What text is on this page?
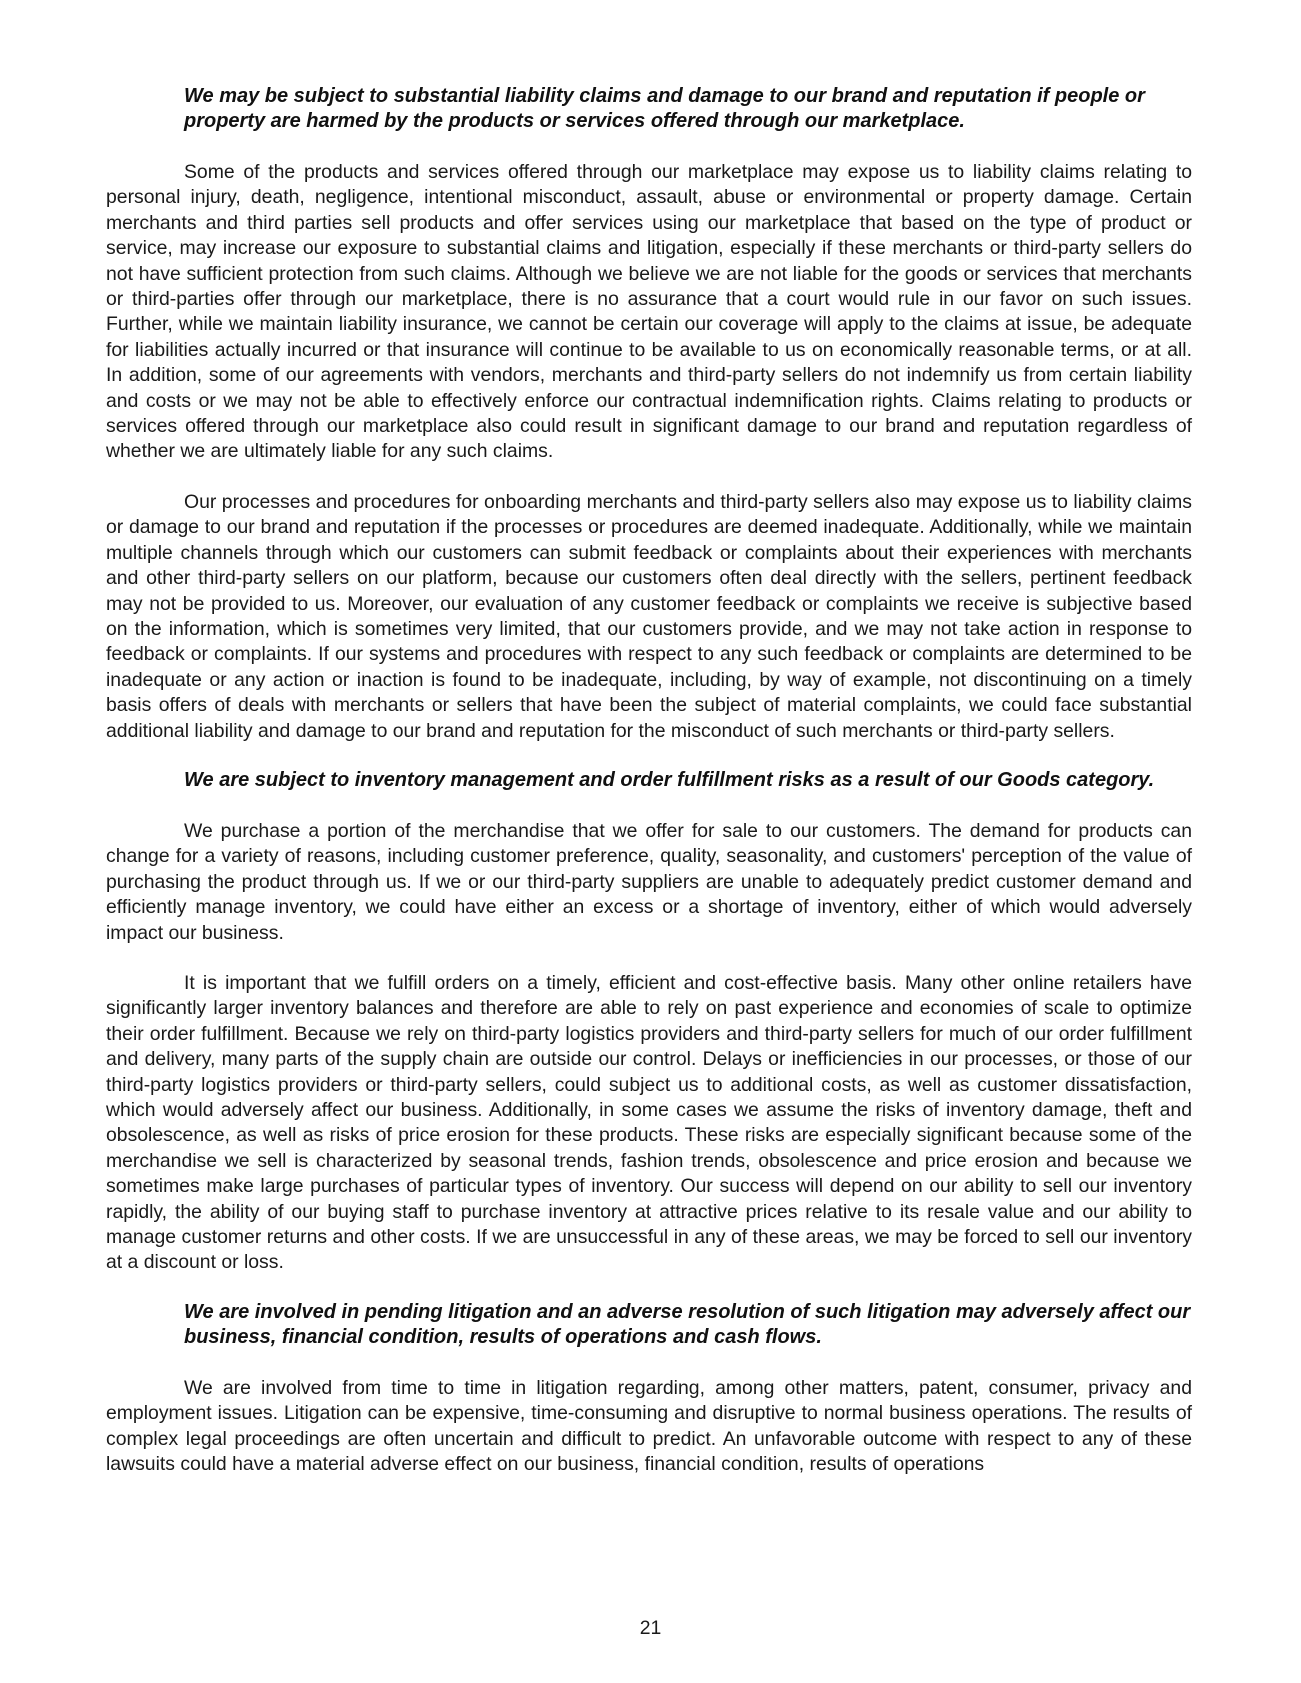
We may be subject to substantial liability claims and damage to our brand and reputation if people or property are harmed by the products or services offered through our marketplace.

Some of the products and services offered through our marketplace may expose us to liability claims relating to personal injury, death, negligence, intentional misconduct, assault, abuse or environmental or property damage. Certain merchants and third parties sell products and offer services using our marketplace that based on the type of product or service, may increase our exposure to substantial claims and litigation, especially if these merchants or third-party sellers do not have sufficient protection from such claims. Although we believe we are not liable for the goods or services that merchants or third-parties offer through our marketplace, there is no assurance that a court would rule in our favor on such issues. Further, while we maintain liability insurance, we cannot be certain our coverage will apply to the claims at issue, be adequate for liabilities actually incurred or that insurance will continue to be available to us on economically reasonable terms, or at all. In addition, some of our agreements with vendors, merchants and third-party sellers do not indemnify us from certain liability and costs or we may not be able to effectively enforce our contractual indemnification rights. Claims relating to products or services offered through our marketplace also could result in significant damage to our brand and reputation regardless of whether we are ultimately liable for any such claims.

Our processes and procedures for onboarding merchants and third-party sellers also may expose us to liability claims or damage to our brand and reputation if the processes or procedures are deemed inadequate. Additionally, while we maintain multiple channels through which our customers can submit feedback or complaints about their experiences with merchants and other third-party sellers on our platform, because our customers often deal directly with the sellers, pertinent feedback may not be provided to us. Moreover, our evaluation of any customer feedback or complaints we receive is subjective based on the information, which is sometimes very limited, that our customers provide, and we may not take action in response to feedback or complaints. If our systems and procedures with respect to any such feedback or complaints are determined to be inadequate or any action or inaction is found to be inadequate, including, by way of example, not discontinuing on a timely basis offers of deals with merchants or sellers that have been the subject of material complaints, we could face substantial additional liability and damage to our brand and reputation for the misconduct of such merchants or third-party sellers.

We are subject to inventory management and order fulfillment risks as a result of our Goods category.

We purchase a portion of the merchandise that we offer for sale to our customers. The demand for products can change for a variety of reasons, including customer preference, quality, seasonality, and customers' perception of the value of purchasing the product through us. If we or our third-party suppliers are unable to adequately predict customer demand and efficiently manage inventory, we could have either an excess or a shortage of inventory, either of which would adversely impact our business.

It is important that we fulfill orders on a timely, efficient and cost-effective basis. Many other online retailers have significantly larger inventory balances and therefore are able to rely on past experience and economies of scale to optimize their order fulfillment. Because we rely on third-party logistics providers and third-party sellers for much of our order fulfillment and delivery, many parts of the supply chain are outside our control. Delays or inefficiencies in our processes, or those of our third-party logistics providers or third-party sellers, could subject us to additional costs, as well as customer dissatisfaction, which would adversely affect our business. Additionally, in some cases we assume the risks of inventory damage, theft and obsolescence, as well as risks of price erosion for these products. These risks are especially significant because some of the merchandise we sell is characterized by seasonal trends, fashion trends, obsolescence and price erosion and because we sometimes make large purchases of particular types of inventory. Our success will depend on our ability to sell our inventory rapidly, the ability of our buying staff to purchase inventory at attractive prices relative to its resale value and our ability to manage customer returns and other costs. If we are unsuccessful in any of these areas, we may be forced to sell our inventory at a discount or loss.

We are involved in pending litigation and an adverse resolution of such litigation may adversely affect our business, financial condition, results of operations and cash flows.

We are involved from time to time in litigation regarding, among other matters, patent, consumer, privacy and employment issues. Litigation can be expensive, time-consuming and disruptive to normal business operations. The results of complex legal proceedings are often uncertain and difficult to predict. An unfavorable outcome with respect to any of these lawsuits could have a material adverse effect on our business, financial condition, results of operations

21
